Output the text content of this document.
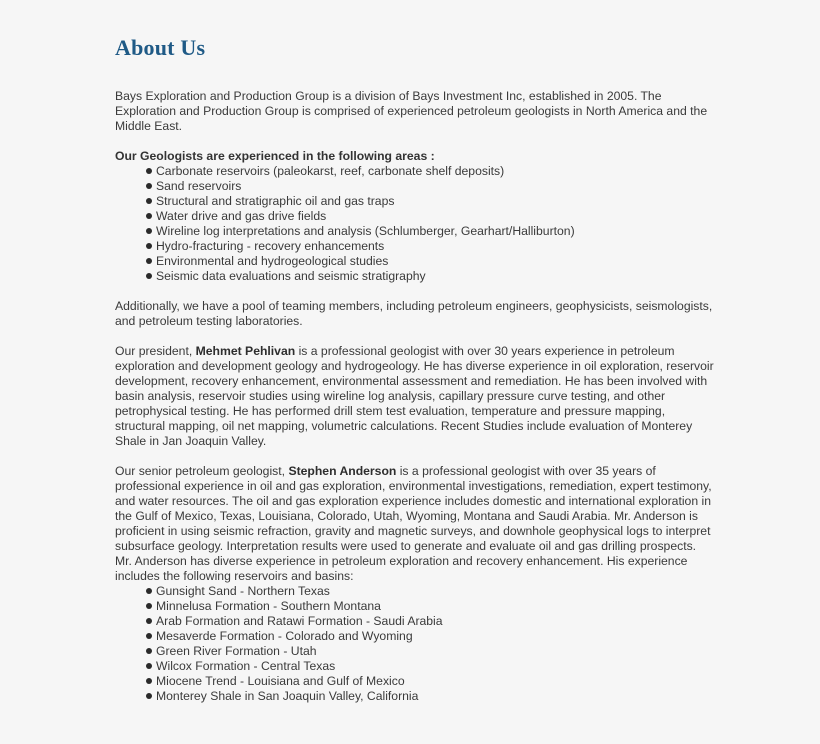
About Us

Bays Exploration and Production Group is a division of Bays Investment Inc, established in 2005. The Exploration and Production Group is comprised of experienced petroleum geologists in North America and the Middle East.

Our Geologists are experienced in the following areas :

Carbonate reservoirs (paleokarst, reef, carbonate shelf deposits)
Sand reservoirs
Structural and stratigraphic oil and gas traps
Water drive and gas drive fields
Wireline log interpretations and analysis (Schlumberger, Gearhart/Halliburton)
Hydro-fracturing - recovery enhancements
Environmental and hydrogeological studies
Seismic data evaluations and seismic stratigraphy

Additionally, we have a pool of teaming members, including petroleum engineers, geophysicists, seismologists, and petroleum testing laboratories.

Our president, Mehmet Pehlivan is a professional geologist with over 30 years experience in petroleum exploration and development geology and hydrogeology. He has diverse experience in oil exploration, reservoir development, recovery enhancement, environmental assessment and remediation. He has been involved with basin analysis, reservoir studies using wireline log analysis, capillary pressure curve testing, and other petrophysical testing. He has performed drill stem test evaluation, temperature and pressure mapping, structural mapping, oil net mapping, volumetric calculations. Recent Studies include evaluation of Monterey Shale in Jan Joaquin Valley.

Our senior petroleum geologist, Stephen Anderson is a professional geologist with over 35 years of professional experience in oil and gas exploration, environmental investigations, remediation, expert testimony, and water resources. The oil and gas exploration experience includes domestic and international exploration in the Gulf of Mexico, Texas, Louisiana, Colorado, Utah, Wyoming, Montana and Saudi Arabia. Mr. Anderson is proficient in using seismic refraction, gravity and magnetic surveys, and downhole geophysical logs to interpret subsurface geology. Interpretation results were used to generate and evaluate oil and gas drilling prospects. Mr. Anderson has diverse experience in petroleum exploration and recovery enhancement. His experience includes the following reservoirs and basins:

Gunsight Sand - Northern Texas
Minnelusa Formation - Southern Montana
Arab Formation and Ratawi Formation - Saudi Arabia
Mesaverde Formation - Colorado and Wyoming
Green River Formation - Utah
Wilcox Formation - Central Texas
Miocene Trend - Louisiana and Gulf of Mexico
Monterey Shale in San Joaquin Valley, California
